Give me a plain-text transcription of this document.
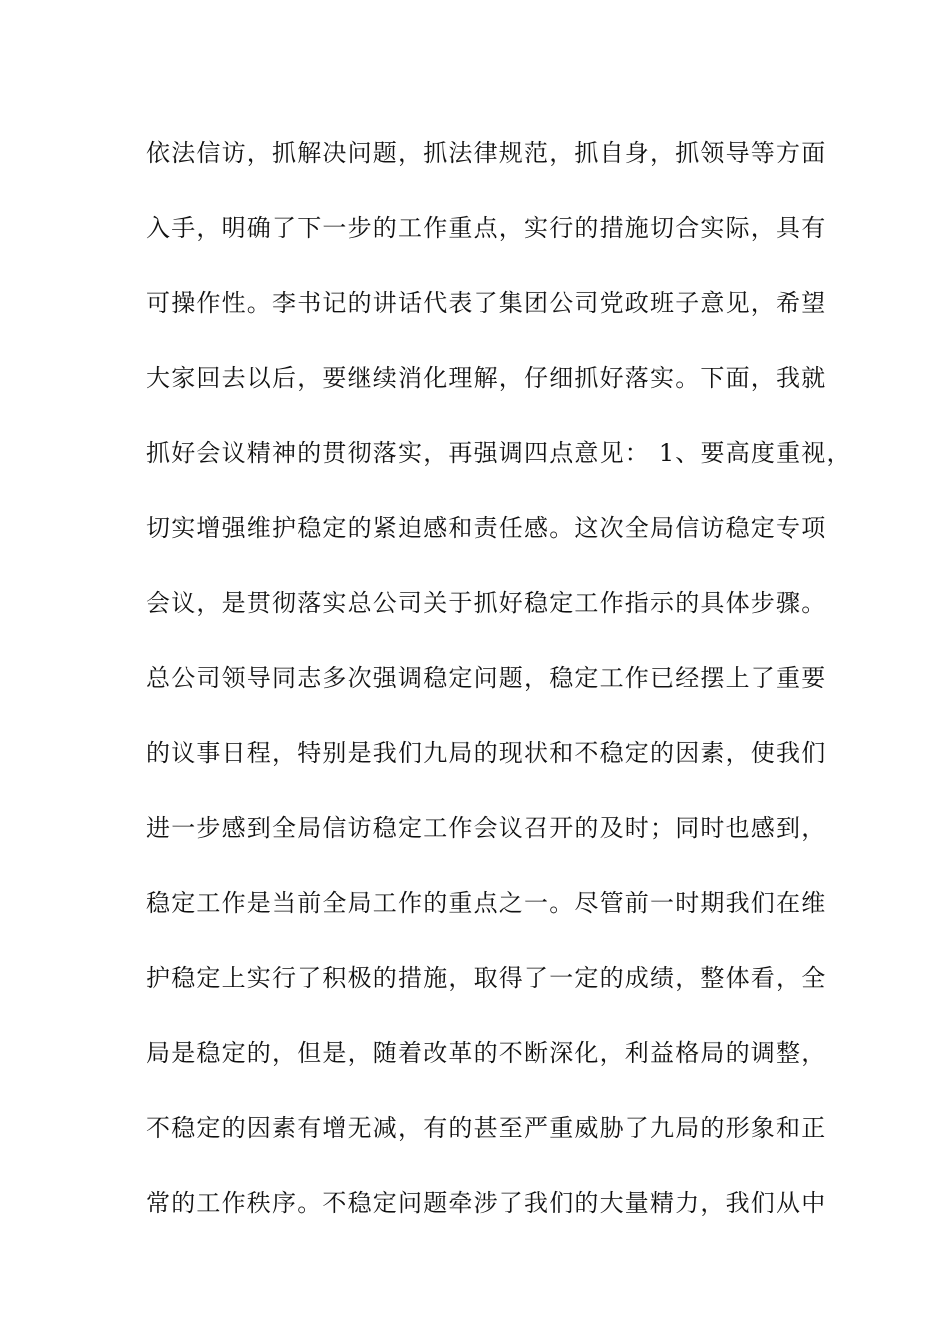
依法信访，抓解决问题，抓法律规范，抓自身，抓领导等方面
入手，明确了下一步的工作重点，实行的措施切合实际，具有
可操作性。李书记的讲话代表了集团公司党政班子意见，希望
大家回去以后，要继续消化理解，仔细抓好落实。下面，我就
抓好会议精神的贯彻落实，再强调四点意见： 1、要高度重视，
切实增强维护稳定的紧迫感和责任感。这次全局信访稳定专项
会议，是贯彻落实总公司关于抓好稳定工作指示的具体步骤。
总公司领导同志多次强调稳定问题，稳定工作已经摆上了重要
的议事日程，特别是我们九局的现状和不稳定的因素，使我们
进一步感到全局信访稳定工作会议召开的及时；同时也感到，
稳定工作是当前全局工作的重点之一。尽管前一时期我们在维
护稳定上实行了积极的措施，取得了一定的成绩，整体看，全
局是稳定的，但是，随着改革的不断深化，利益格局的调整，
不稳定的因素有增无减，有的甚至严重威胁了九局的形象和正
常的工作秩序。不稳定问题牵涉了我们的大量精力，我们从中
